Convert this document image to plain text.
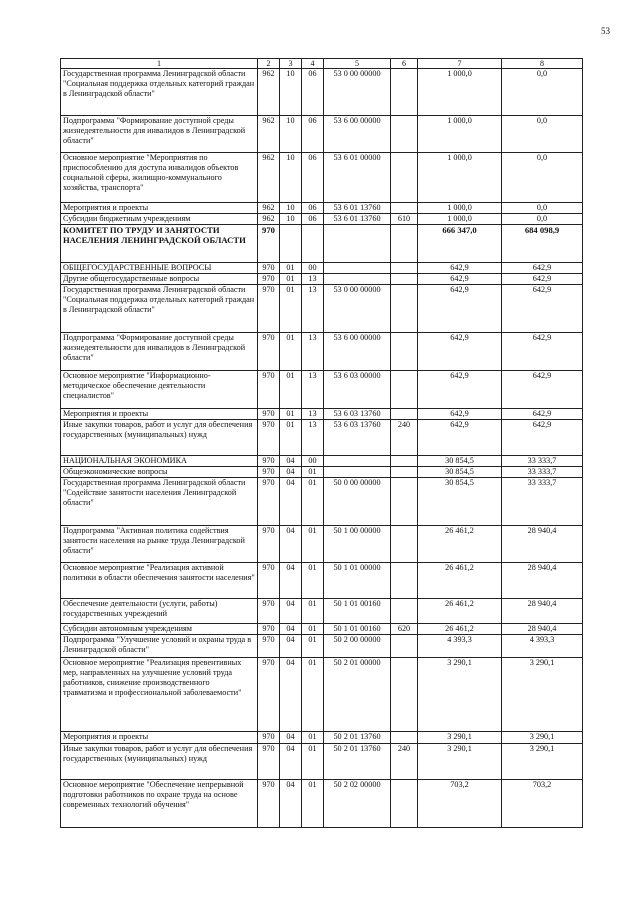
53
1	2	3	4	5	6	7	8
Государственная программа Ленинградской области "Социальная поддержка отдельных категорий граждан в Ленинградской области"	962	10	06	53 0 00 00000		1 000,0	0,0
Подпрограмма "Формирование доступной среды жизнедеятельности для инвалидов в Ленинградской области"	962	10	06	53 6 00 00000		1 000,0	0,0
Основное мероприятие "Мероприятия по приспособлению для доступа инвалидов объектов социальной сферы, жилищно-коммунального хозяйства, транспорта"	962	10	06	53 6 01 00000		1 000,0	0,0
Мероприятия и проекты	962	10	06	53 6 01 13760		1 000,0	0,0
Субсидии бюджетным учреждениям	962	10	06	53 6 01 13760	610	1 000,0	0,0
КОМИТЕТ ПО ТРУДУ И ЗАНЯТОСТИ НАСЕЛЕНИЯ ЛЕНИНГРАДСКОЙ ОБЛАСТИ	970					666 347,0	684 098,9
ОБЩЕГОСУДАРСТВЕННЫЕ ВОПРОСЫ	970	01	00			642,9	642,9
Другие общегосударственные вопросы	970	01	13			642,9	642,9
Государственная программа Ленинградской области "Социальная поддержка отдельных категорий граждан в Ленинградской области"	970	01	13	53 0 00 00000		642,9	642,9
Подпрограмма "Формирование доступной среды жизнедеятельности для инвалидов в Ленинградской области"	970	01	13	53 6 00 00000		642,9	642,9
Основное мероприятие "Информационно-методическое обеспечение деятельности специалистов"	970	01	13	53 6 03 00000		642,9	642,9
Мероприятия и проекты	970	01	13	53 6 03 13760		642,9	642,9
Иные закупки товаров, работ и услуг для обеспечения государственных (муниципальных) нужд	970	01	13	53 6 03 13760	240	642,9	642,9
НАЦИОНАЛЬНАЯ ЭКОНОМИКА	970	04	00			30 854,5	33 333,7
Общеэкономические вопросы	970	04	01			30 854,5	33 333,7
Государственная программа Ленинградской области "Содействие занятости населения Ленинградской области"	970	04	01	50 0 00 00000		30 854,5	33 333,7
Подпрограмма "Активная политика содействия занятости населения на рынке труда Ленинградской области"	970	04	01	50 1 00 00000		26 461,2	28 940,4
Основное мероприятие "Реализация активной политики в области обеспечения занятости населения"	970	04	01	50 1 01 00000		26 461,2	28 940,4
Обеспечение деятельности (услуги, работы) государственных учреждений	970	04	01	50 1 01 00160		26 461,2	28 940,4
Субсидии автономным учреждениям	970	04	01	50 1 01 00160	620	26 461,2	28 940,4
Подпрограмма "Улучшение условий и охраны труда в Ленинградской области"	970	04	01	50 2 00 00000		4 393,3	4 393,3
Основное мероприятие "Реализация превентивных мер, направленных на улучшение условий труда работников, снижение производственного травматизма и профессиональной заболеваемости"	970	04	01	50 2 01 00000		3 290,1	3 290,1
Мероприятия и проекты	970	04	01	50 2 01 13760		3 290,1	3 290,1
Иные закупки товаров, работ и услуг для обеспечения государственных (муниципальных) нужд	970	04	01	50 2 01 13760	240	3 290,1	3 290,1
Основное мероприятие "Обеспечение непрерывной подготовки работников по охране труда на основе современных технологий обучения"	970	04	01	50 2 02 00000		703,2	703,2
